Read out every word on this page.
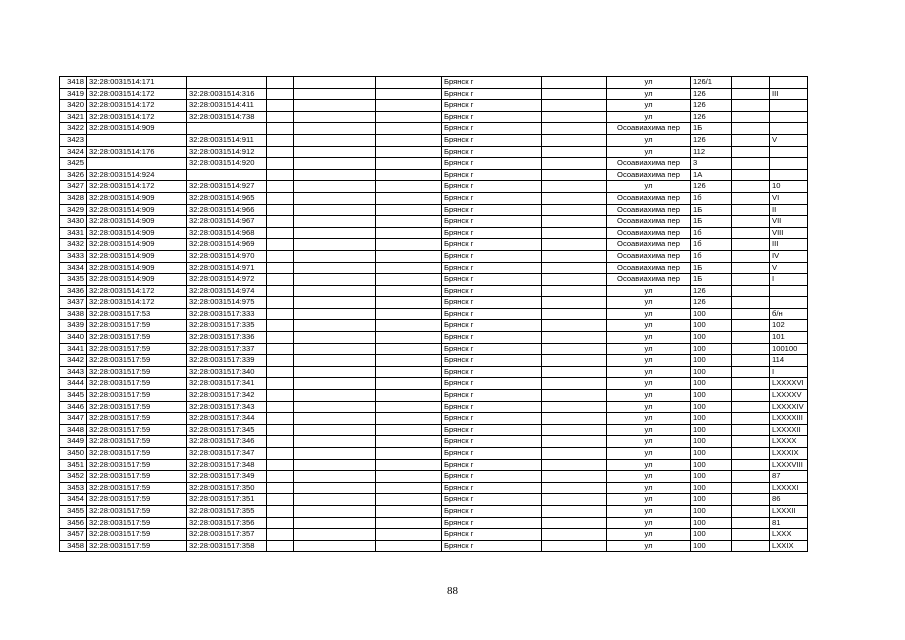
3418	32:28:0031514:171					Брянск г		ул	126/1		
3419	32:28:0031514:172	32:28:0031514:316				Брянск г		ул	126		III
3420	32:28:0031514:172	32:28:0031514:411				Брянск г		ул	126		
3421	32:28:0031514:172	32:28:0031514:738				Брянск г		ул	126		
3422	32:28:0031514:909					Брянск г		Осоавиахима пер	1Б		
3423		32:28:0031514:911				Брянск г		ул	126		V
3424	32:28:0031514:176	32:28:0031514:912				Брянск г		ул	112		
3425		32:28:0031514:920				Брянск г		Осоавиахима пер	3		
3426	32:28:0031514:924					Брянск г		Осоавиахима пер	1А		
3427	32:28:0031514:172	32:28:0031514:927				Брянск г		ул	126		10
3428	32:28:0031514:909	32:28:0031514:965				Брянск г		Осоавиахима пер	1б		VI
3429	32:28:0031514:909	32:28:0031514:966				Брянск г		Осоавиахима пер	1Б		II
3430	32:28:0031514:909	32:28:0031514:967				Брянск г		Осоавиахима пер	1Б		VII
3431	32:28:0031514:909	32:28:0031514:968				Брянск г		Осоавиахима пер	1б		VIII
3432	32:28:0031514:909	32:28:0031514:969				Брянск г		Осоавиахима пер	1б		III
3433	32:28:0031514:909	32:28:0031514:970				Брянск г		Осоавиахима пер	1б		IV
3434	32:28:0031514:909	32:28:0031514:971				Брянск г		Осоавиахима пер	1Б		V
3435	32:28:0031514:909	32:28:0031514:972				Брянск г		Осоавиахима пер	1Б		I
3436	32:28:0031514:172	32:28:0031514:974				Брянск г		ул	126		
3437	32:28:0031514:172	32:28:0031514:975				Брянск г		ул	126		
3438	32:28:0031517:53	32:28:0031517:333				Брянск г		ул	100		б/н
3439	32:28:0031517:59	32:28:0031517:335				Брянск г		ул	100		102
3440	32:28:0031517:59	32:28:0031517:336				Брянск г		ул	100		101
3441	32:28:0031517:59	32:28:0031517:337				Брянск г		ул	100		100100
3442	32:28:0031517:59	32:28:0031517:339				Брянск г		ул	100		114
3443	32:28:0031517:59	32:28:0031517:340				Брянск г		ул	100		I
3444	32:28:0031517:59	32:28:0031517:341				Брянск г		ул	100		LXXXXVI
3445	32:28:0031517:59	32:28:0031517:342				Брянск г		ул	100		LXXXXV
3446	32:28:0031517:59	32:28:0031517:343				Брянск г		ул	100		LXXXXIV
3447	32:28:0031517:59	32:28:0031517:344				Брянск г		ул	100		LXXXXIII
3448	32:28:0031517:59	32:28:0031517:345				Брянск г		ул	100		LXXXXII
3449	32:28:0031517:59	32:28:0031517:346				Брянск г		ул	100		LXXXX
3450	32:28:0031517:59	32:28:0031517:347				Брянск г		ул	100		LXXXIX
3451	32:28:0031517:59	32:28:0031517:348				Брянск г		ул	100		LXXXVIII
3452	32:28:0031517:59	32:28:0031517:349				Брянск г		ул	100		87
3453	32:28:0031517:59	32:28:0031517:350				Брянск г		ул	100		LXXXXI
3454	32:28:0031517:59	32:28:0031517:351				Брянск г		ул	100		86
3455	32:28:0031517:59	32:28:0031517:355				Брянск г		ул	100		LXXXII
3456	32:28:0031517:59	32:28:0031517:356				Брянск г		ул	100		81
3457	32:28:0031517:59	32:28:0031517:357				Брянск г		ул	100		LXXX
3458	32:28:0031517:59	32:28:0031517:358				Брянск г		ул	100		LXXIX
88
